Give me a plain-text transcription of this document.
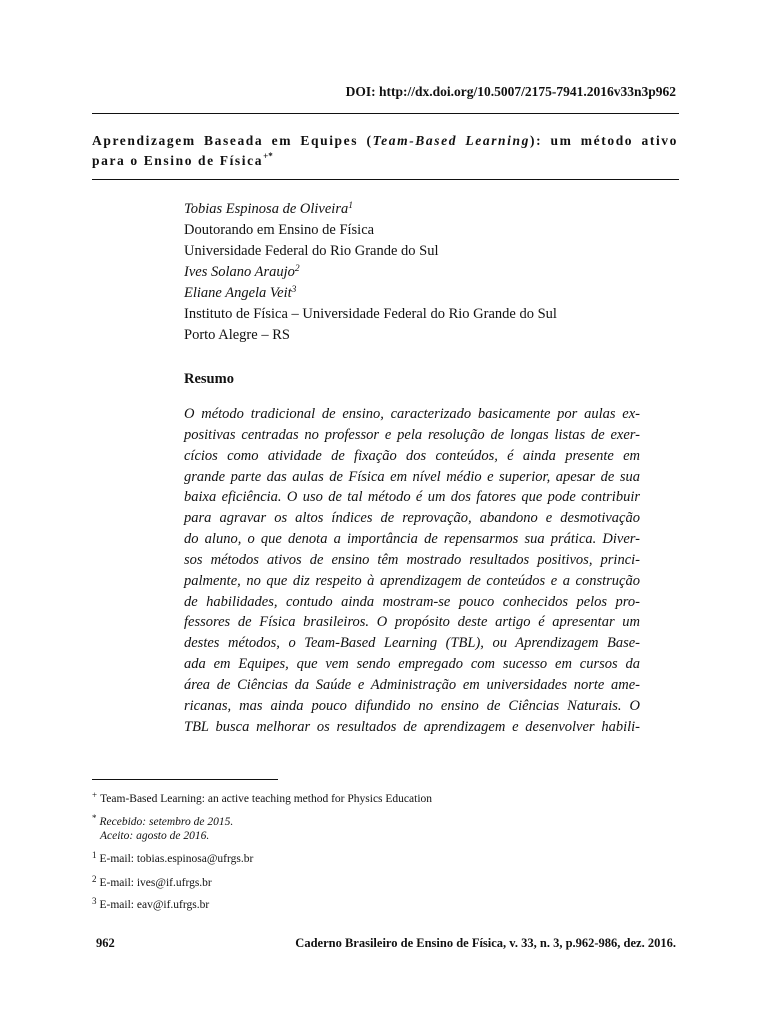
DOI: http://dx.doi.org/10.5007/2175-7941.2016v33n3p962
Aprendizagem Baseada em Equipes (Team-Based Learning): um método ativo para o Ensino de Física+*
Tobias Espinosa de Oliveira$^1$
Doutorando em Ensino de Física
Universidade Federal do Rio Grande do Sul
Ives Solano Araujo$^2$
Eliane Angela Veit$^3$
Instituto de Física – Universidade Federal do Rio Grande do Sul
Porto Alegre – RS
Resumo
O método tradicional de ensino, caracterizado basicamente por aulas ex-
positivas centradas no professor e pela resolução de longas listas de exer-
cícios como atividade de fixação dos conteúdos, é ainda presente em
grande parte das aulas de Física em nível médio e superior, apesar de sua
baixa eficiência. O uso de tal método é um dos fatores que pode contribuir
para agravar os altos índices de reprovação, abandono e desmotivação
do aluno, o que denota a importância de repensarmos sua prática. Diver-
sos métodos ativos de ensino têm mostrado resultados positivos, princi-
palmente, no que diz respeito à aprendizagem de conteúdos e a construção
de habilidades, contudo ainda mostram-se pouco conhecidos pelos pro-
fessores de Física brasileiros. O propósito deste artigo é apresentar um
destes métodos, o Team-Based Learning (TBL), ou Aprendizagem Base-
ada em Equipes, que vem sendo empregado com sucesso em cursos da
área de Ciências da Saúde e Administração em universidades norte ame-
ricanas, mas ainda pouco difundido no ensino de Ciências Naturais. O
TBL busca melhorar os resultados de aprendizagem e desenvolver habili-
+ Team-Based Learning: an active teaching method for Physics Education
* Recebido: setembro de 2015.
Aceito: agosto de 2016.
$^1$ E-mail: tobias.espinosa@ufrgs.br
$^2$ E-mail: ives@if.ufrgs.br
$^3$ E-mail: eav@if.ufrgs.br
962	Caderno Brasileiro de Ensino de Física, v. 33, n. 3, p.962-986, dez. 2016.
